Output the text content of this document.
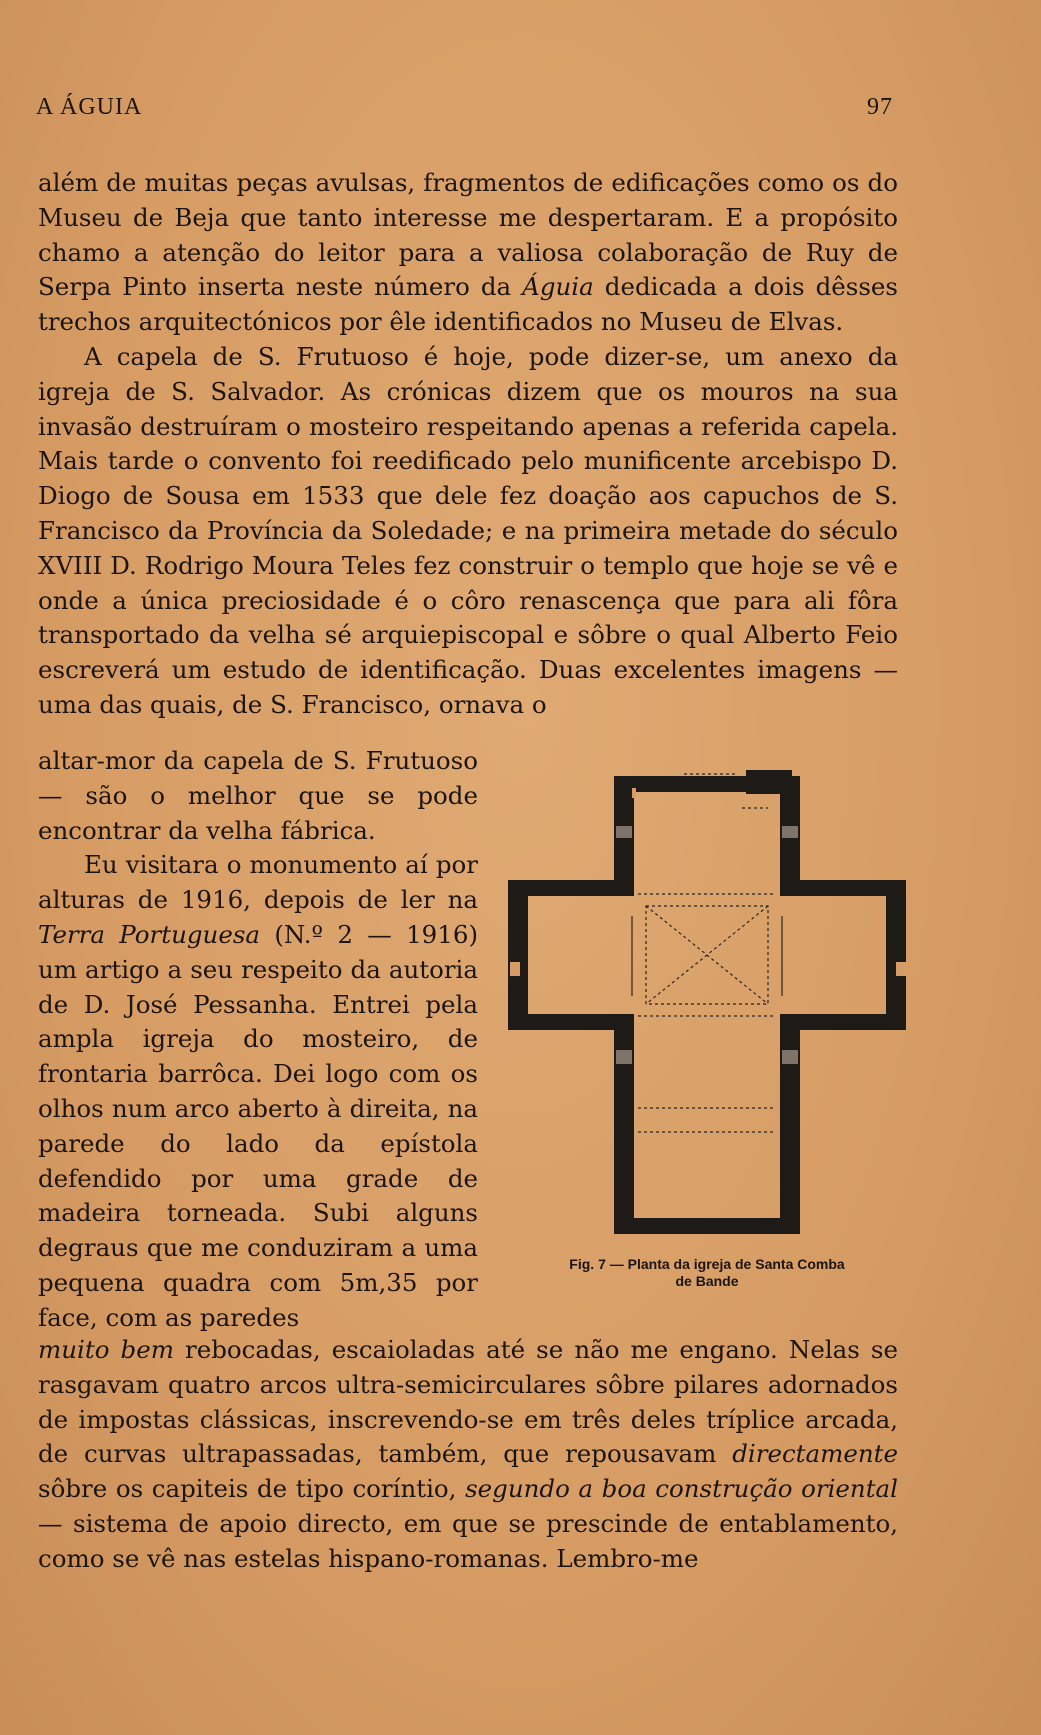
A ÁGUIA	97

além de muitas peças avulsas, fragmentos de edificações como os do Museu de Beja que tanto interesse me despertaram. E a propósito chamo a atenção do leitor para a valiosa colaboração de Ruy de Serpa Pinto inserta neste número da Águia dedicada a dois dêsses trechos arquitectónicos por êle identificados no Museu de Elvas.

A capela de S. Frutuoso é hoje, pode dizer-se, um anexo da igreja de S. Salvador. As crónicas dizem que os mouros na sua invasão destruíram o mosteiro respeitando apenas a referida capela. Mais tarde o convento foi reedificado pelo munificente arcebispo D. Diogo de Sousa em 1533 que dele fez doação aos capuchos de S. Francisco da Província da Soledade; e na primeira metade do século XVIII D. Rodrigo Moura Teles fez construir o templo que hoje se vê e onde a única preciosidade é o côro renascença que para ali fôra transportado da velha sé arquiepiscopal e sôbre o qual Alberto Feio escreverá um estudo de identificação. Duas excelentes imagens — uma das quais, de S. Francisco, ornava o

altar-mor da capela de S. Frutuoso — são o melhor que se pode encontrar da velha fábrica.

Eu visitara o monumento aí por alturas de 1916, depois de ler na Terra Portuguesa (N.º 2 — 1916) um artigo a seu respeito da autoria de D. José Pessanha. Entrei pela ampla igreja do mosteiro, de frontaria barrôca. Dei logo com os olhos num arco aberto à direita, na parede do lado da epístola defendido por uma grade de madeira torneada. Subi alguns degraus que me conduziram a uma pequena quadra com 5m,35 por face, com as paredes

Fig. 7 — Planta da igreja de Santa Comba
de Bande

muito bem rebocadas, escaioladas até se não me engano. Nelas se rasgavam quatro arcos ultra-semicirculares sôbre pilares adornados de impostas clássicas, inscrevendo-se em três deles tríplice arcada, de curvas ultrapassadas, também, que repousavam directamente sôbre os capiteis de tipo coríntio, segundo a boa construção oriental — sistema de apoio directo, em que se prescinde de entablamento, como se vê nas estelas hispano-romanas. Lembro-me
